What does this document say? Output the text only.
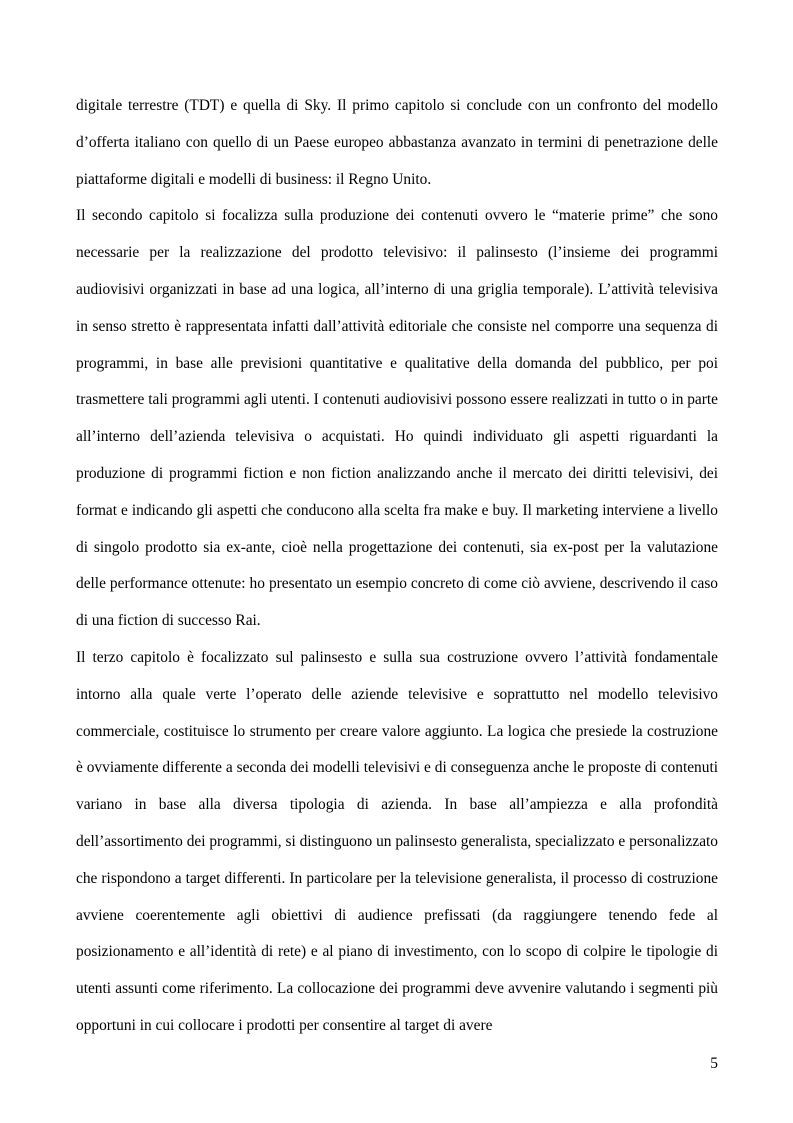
digitale terrestre (TDT) e quella di Sky. Il primo capitolo si conclude con un confronto del modello d’offerta italiano con quello di un Paese europeo abbastanza avanzato in termini di penetrazione delle piattaforme digitali e modelli di business: il Regno Unito.

Il secondo capitolo si focalizza sulla produzione dei contenuti ovvero le “materie prime” che sono necessarie per la realizzazione del prodotto televisivo: il palinsesto (l’insieme dei programmi audiovisivi organizzati in base ad una logica, all’interno di una griglia temporale). L’attività televisiva in senso stretto è rappresentata infatti dall’attività editoriale che consiste nel comporre una sequenza di programmi, in base alle previsioni quantitative e qualitative della domanda del pubblico, per poi trasmettere tali programmi agli utenti. I contenuti audiovisivi possono essere realizzati in tutto o in parte all’interno dell’azienda televisiva o acquistati. Ho quindi individuato gli aspetti riguardanti la produzione di programmi fiction e non fiction analizzando anche il mercato dei diritti televisivi, dei format e indicando gli aspetti che conducono alla scelta fra make e buy. Il marketing interviene a livello di singolo prodotto sia ex-ante, cioè nella progettazione dei contenuti, sia ex-post per la valutazione delle performance ottenute: ho presentato un esempio concreto di come ciò avviene, descrivendo il caso di una fiction di successo Rai.

Il terzo capitolo è focalizzato sul palinsesto e sulla sua costruzione ovvero l’attività fondamentale intorno alla quale verte l’operato delle aziende televisive e soprattutto nel modello televisivo commerciale, costituisce lo strumento per creare valore aggiunto. La logica che presiede la costruzione è ovviamente differente a seconda dei modelli televisivi e di conseguenza anche le proposte di contenuti variano in base alla diversa tipologia di azienda. In base all’ampiezza e alla profondità dell’assortimento dei programmi, si distinguono un palinsesto generalista, specializzato e personalizzato che rispondono a target differenti. In particolare per la televisione generalista, il processo di costruzione avviene coerentemente agli obiettivi di audience prefissati (da raggiungere tenendo fede al posizionamento e all’identità di rete) e al piano di investimento, con lo scopo di colpire le tipologie di utenti assunti come riferimento. La collocazione dei programmi deve avvenire valutando i segmenti più opportuni in cui collocare i prodotti per consentire al target di avere

5
